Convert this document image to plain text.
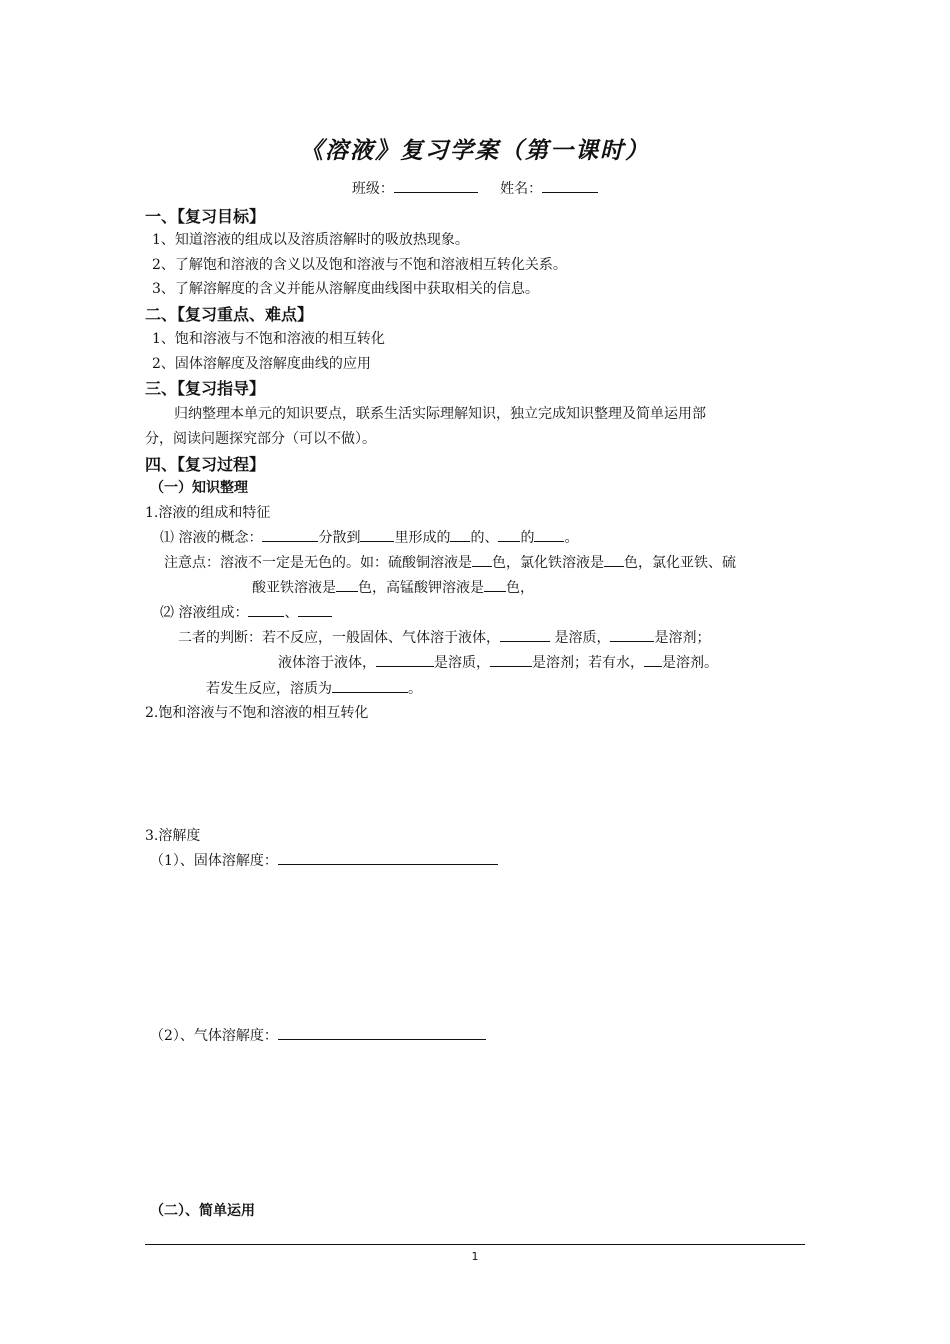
《溶液》复习学案（第一课时）
班级：	姓名：
一、【复习目标】
1、知道溶液的组成以及溶质溶解时的吸放热现象。
2、了解饱和溶液的含义以及饱和溶液与不饱和溶液相互转化关系。
3、了解溶解度的含义并能从溶解度曲线图中获取相关的信息。
二、【复习重点、难点】
1、饱和溶液与不饱和溶液的相互转化
2、固体溶解度及溶解度曲线的应用
三、【复习指导】
归纳整理本单元的知识要点，联系生活实际理解知识，独立完成知识整理及简单运用部
分，阅读问题探究部分（可以不做）。
四、【复习过程】
（一）知识整理
1.溶液的组成和特征
⑴ 溶液的概念：	分散到 里形成的 的、 的 。
注意点：溶液不一定是无色的。如：硫酸铜溶液是 色，氯化铁溶液是 色，氯化亚铁、硫
酸亚铁溶液是 色，高锰酸钾溶液是 色，
⑵ 溶液组成：	、
二者的判断：若不反应，一般固体、气体溶于液体，	是溶质，	是溶剂；
液体溶于液体，	是溶质，	是溶剂；若有水， 是溶剂。
若发生反应，溶质为	。
2.饱和溶液与不饱和溶液的相互转化
3.溶解度
（1）、固体溶解度：
（2）、气体溶解度：
（二）、简单运用
1
